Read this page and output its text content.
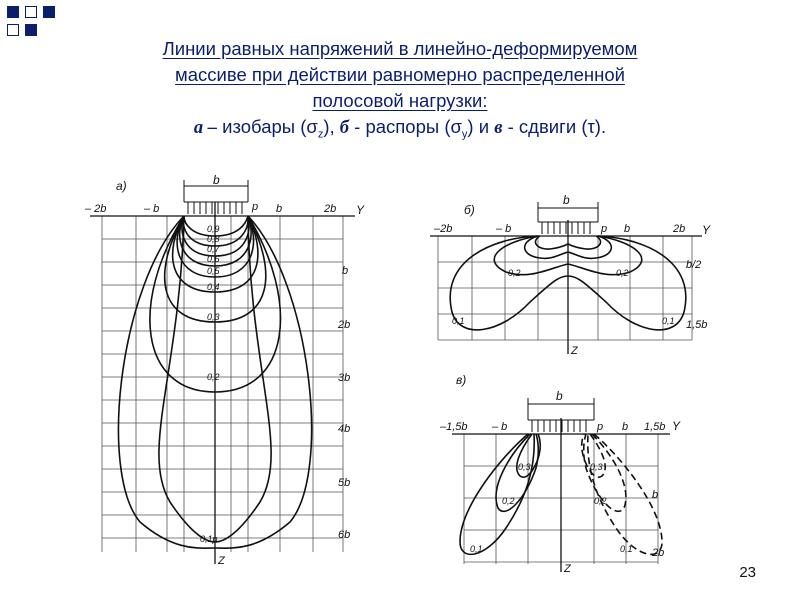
Линии равных напряжений в линейно-деформируемом
массиве при действии равномерно распределенной
полосовой нагрузки:
а – изобары $(\sigma_z)$, б - распоры $(\sigma_y)$ и в - сдвиги (τ).
а)	b
p	Y
Z
– 2b	– b	b	2b
b
2b
3b
4b
5b
6b
0,9
0,8
0,7
0,6
0,5
0,4
0,3
0,2
0,1p
б)
b
p	Y
Z
–2b	– b	b	2b
b/2
1,5b
0,2	0,2
0,1	0,1
в)
b
p	Y
Z
–1,5b – b	b 1,5b
b
2b
0,3
0,2
0,1
0,3
0,2
0,1
23
